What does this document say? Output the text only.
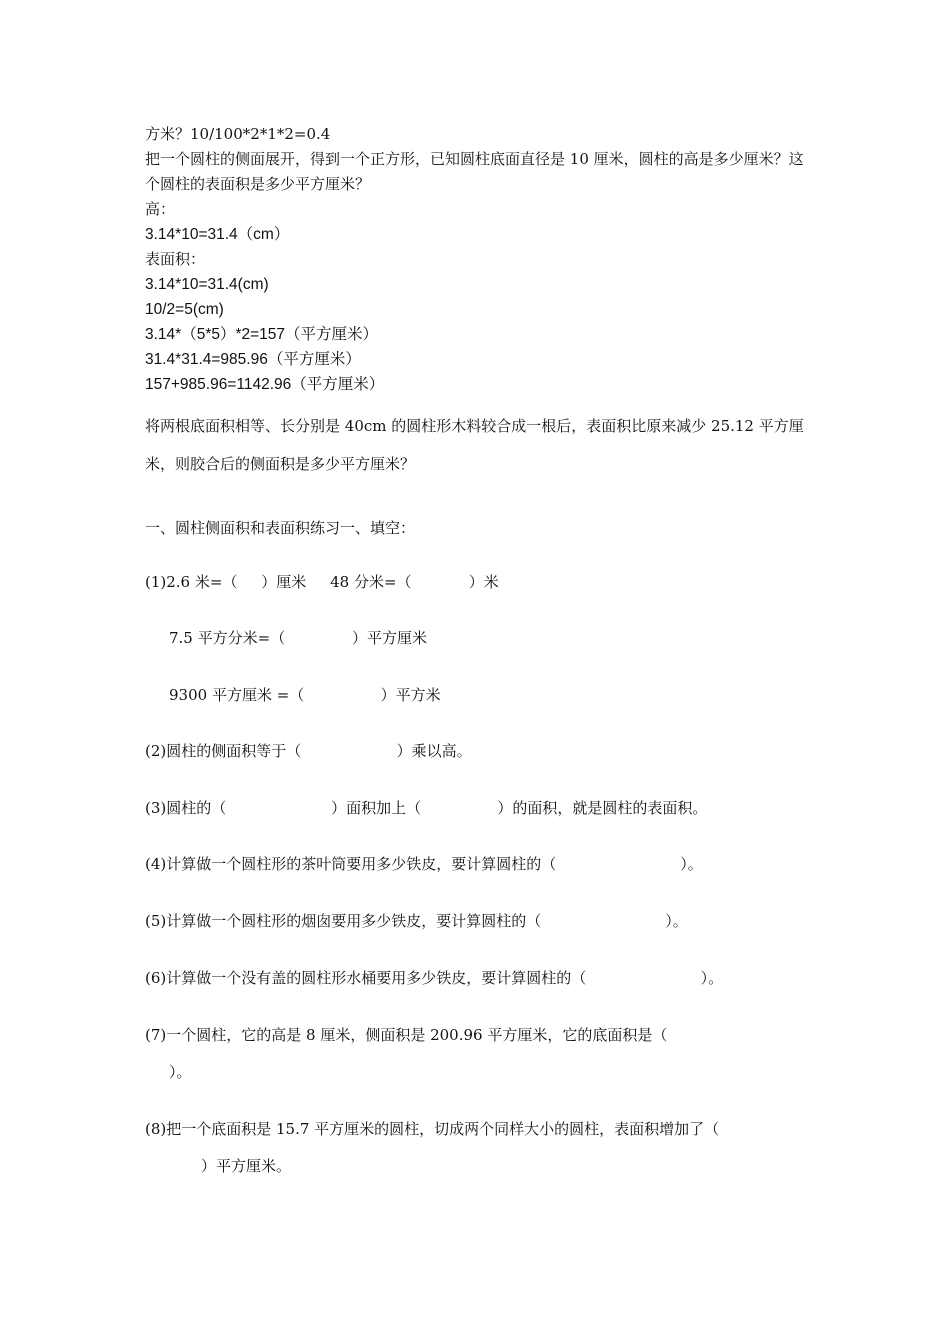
方米？10/100*2*1*2=0.4
把一个圆柱的侧面展开，得到一个正方形，已知圆柱底面直径是 10 厘米，圆柱的高是多少厘米？这个圆柱的表面积是多少平方厘米？
高：
3.14*10=31.4（cm）
表面积：
3.14*10=31.4(cm)
10/2=5(cm)
3.14*（5*5）*2=157（平方厘米）
31.4*31.4=985.96（平方厘米）
157+985.96=1142.96（平方厘米）
将两根底面积相等、长分别是 40cm 的圆柱形木料较合成一根后，表面积比原来减少 25.12 平方厘米，则胶合后的侧面积是多少平方厘米？
一、圆柱侧面积和表面积练习一、填空：
(1)2.6 米=（     ）厘米     48 分米=（            ）米
7.5 平方分米=（              ）平方厘米
9300 平方厘米 =（                ）平方米
(2)圆柱的侧面积等于（                    ）乘以高。
(3)圆柱的（                      ）面积加上（                ）的面积，就是圆柱的表面积。
(4)计算做一个圆柱形的茶叶筒要用多少铁皮，要计算圆柱的（                          ）。
(5)计算做一个圆柱形的烟囱要用多少铁皮，要计算圆柱的（                          ）。
(6)计算做一个没有盖的圆柱形水桶要用多少铁皮，要计算圆柱的（                        ）。
(7)一个圆柱，它的高是 8 厘米，侧面积是 200.96 平方厘米，它的底面积是（
）。
(8)把一个底面积是 15.7 平方厘米的圆柱，切成两个同样大小的圆柱，表面积增加了（
）平方厘米。
